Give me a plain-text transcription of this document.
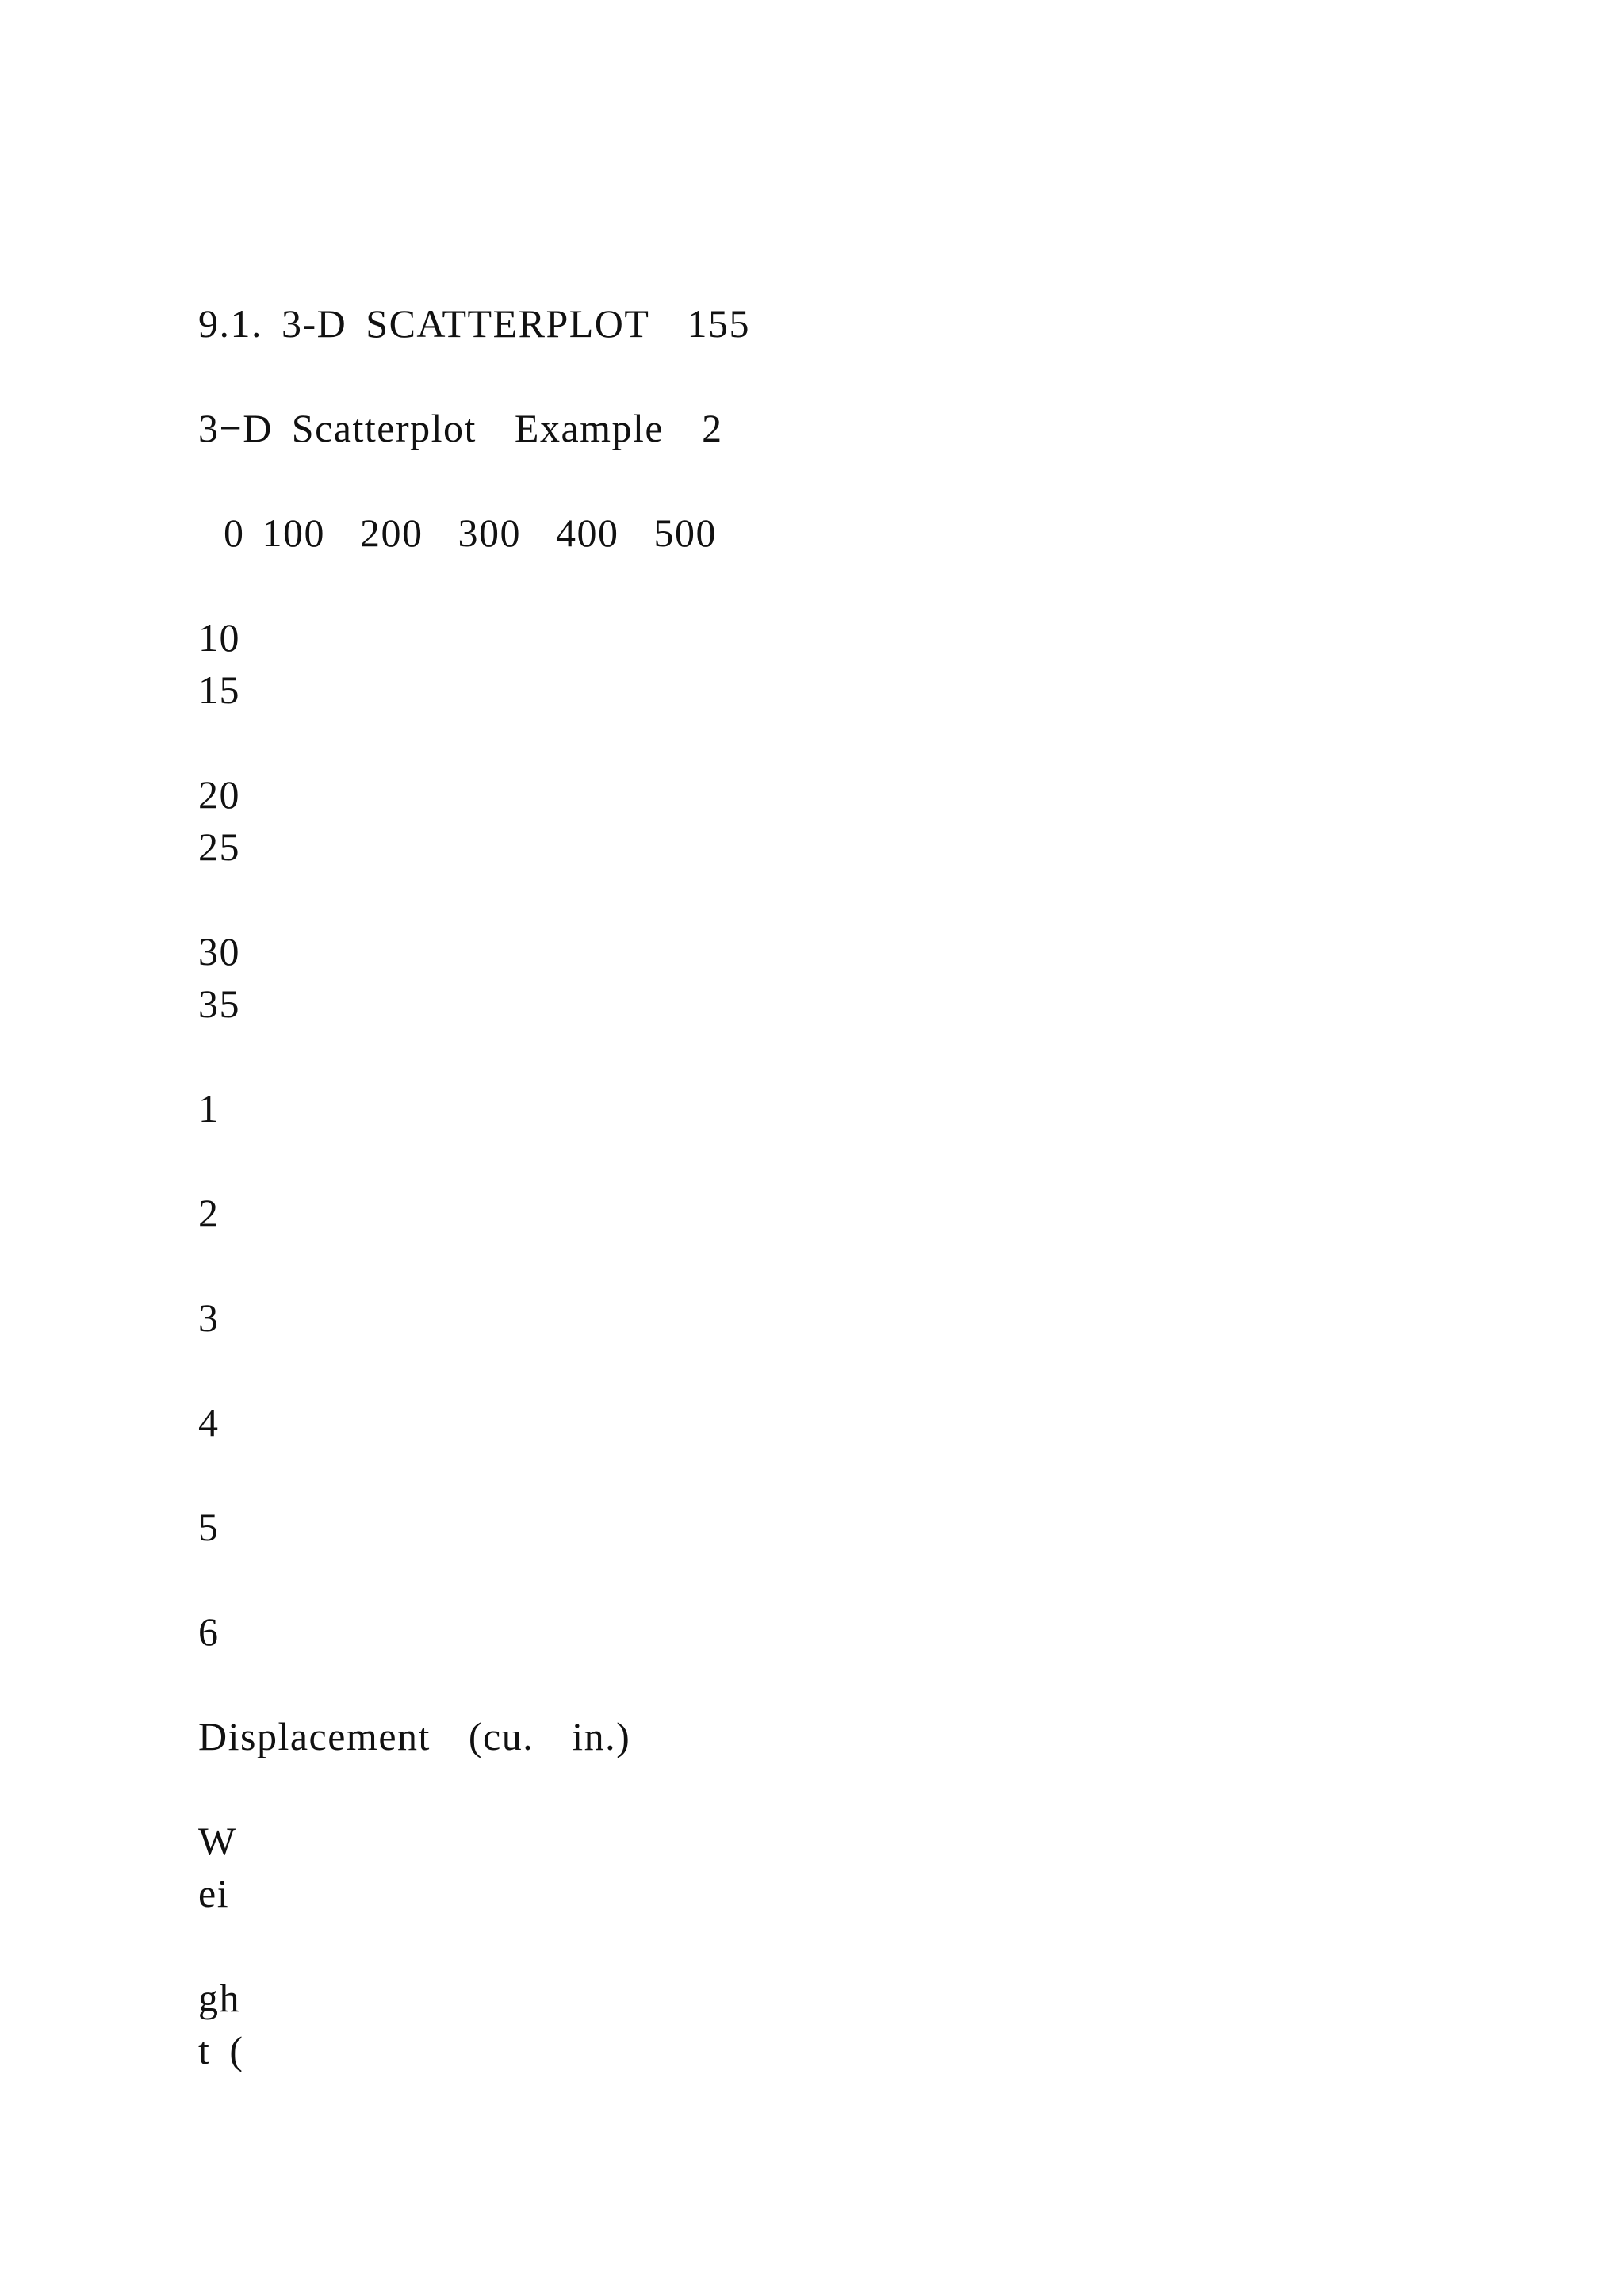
9.1. 3-D SCATTERPLOT  155
3−D Scatterplot  Example  2
0 100  200  300  400  500
10
15
20
25
30
35
1
2
3
4
5
6
Displacement  (cu.  in.)
W
ei
gh
t (
